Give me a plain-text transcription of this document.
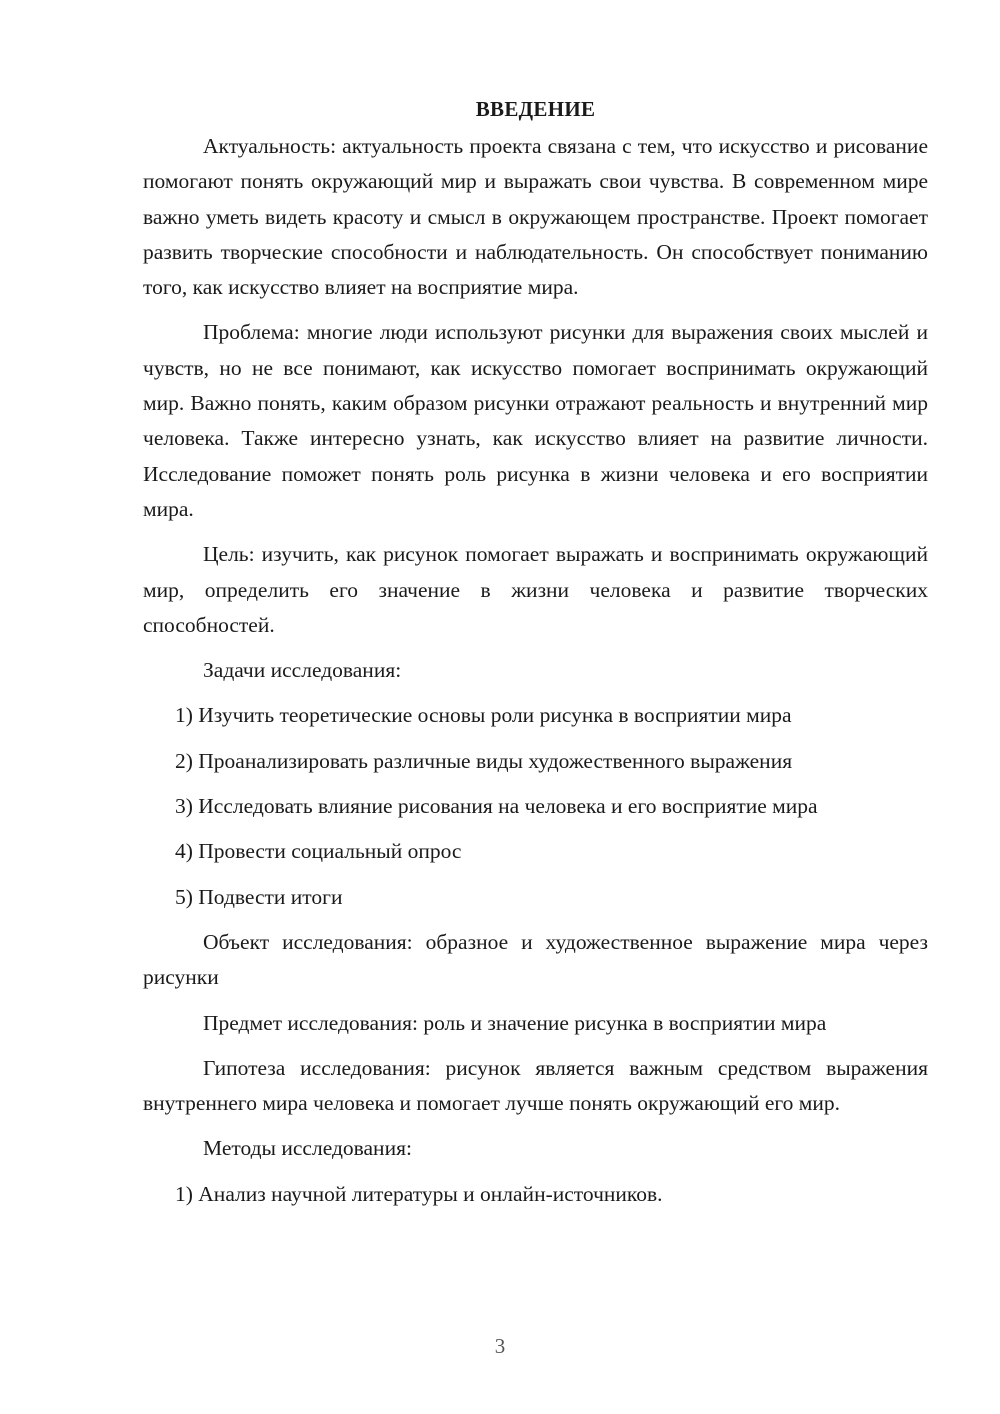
ВВЕДЕНИЕ

Актуальность: актуальность проекта связана с тем, что искусство и рисование помогают понять окружающий мир и выражать свои чувства. В современном мире важно уметь видеть красоту и смысл в окружающем пространстве. Проект помогает развить творческие способности и наблюдательность. Он способствует пониманию того, как искусство влияет на восприятие мира.

Проблема: многие люди используют рисунки для выражения своих мыслей и чувств, но не все понимают, как искусство помогает воспринимать окружающий мир. Важно понять, каким образом рисунки отражают реальность и внутренний мир человека. Также интересно узнать, как искусство влияет на развитие личности. Исследование поможет понять роль рисунка в жизни человека и его восприятии мира.

Цель: изучить, как рисунок помогает выражать и воспринимать окружающий мир, определить его значение в жизни человека и развитие творческих способностей.

Задачи исследования:

1) Изучить теоретические основы роли рисунка в восприятии мира

2) Проанализировать различные виды художественного выражения

3) Исследовать влияние рисования на человека и его восприятие мира

4) Провести социальный опрос

5) Подвести итоги

Объект исследования: образное и художественное выражение мира через рисунки

Предмет исследования: роль и значение рисунка в восприятии мира

Гипотеза исследования: рисунок является важным средством выражения внутреннего мира человека и помогает лучше понять окружающий его мир.

Методы исследования:

1) Анализ научной литературы и онлайн-источников.

3
